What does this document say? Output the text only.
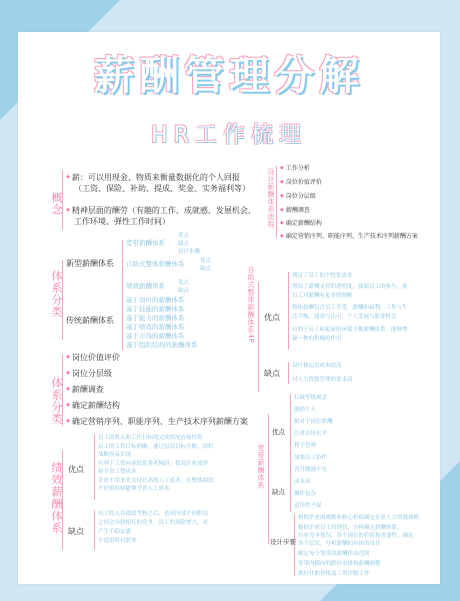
薪酬管理分解
HR工作梳理
概念
◆ 薪：可以用现金、物质来衡量数据化的个人回报
（工资、保险、补助、提成、奖金、实务福利等）
◆ 精神层面的酬劳（有趣的工作、成就感、发展机会、
工作环境、弹性工作时间）
体系分类
新型薪酬体系
宽带薪酬体系
优点
缺点
设计步骤
自助式整体薪酬体系	优点
缺点
绩效薪酬体系 优点
缺点
传统薪酬体系
基于岗位的薪酬体系
基于技能的薪酬体系
基于能力的薪酬体系
基于绩效的薪酬体系
基于市场的薪酬体系
基于组织结构的薪酬体系
体系分类
◆ 岗位价值评价
◆ 岗位分层级
◆ 薪酬调查
◆ 确定薪酬结构
◆ 确定营销序列、职能序列、生产技术序列薪酬方案
绩效薪酬体系 优点
员工的收入和工作目标的完成情况直接挂钩
员工的工作目标明确，通过层层目标分解，组织
战略容易实现
有利于工资向业绩优秀者倾斜，提高企业效率
和节省工资成本
企业不用事先支付过高的人工成本，在整体绩效
不好的时候能够节省人工成本
缺点
员工收入在绩效考核之后，造成内部不同职员
之间会导致相互的竞争，员工的风险增大，对
产生不稳定感
不适用所有职业
设计薪酬体系流程
◆	工作分析
◆ 岗位价值评价
◆ 岗位分层级
◆ 薪酬调查
◆ 确定薪酬结构
◆ 确定营销序列、职能序列、生产技术序列薪酬方案
自助式整体薪酬体系4P 优点
满足了员工的个性化需求
增加了薪酬支付的透明度，强调员工的参与，使
员工对薪酬有更多的理解
整体薪酬包含员工享受，薪酬和福利，工作与生
活平衡，绩效与认可，个人发展与职业机会
有利于员工和更新的环境平衡薪酬体系，能够增
强一种的积极的作用
缺点
设计和运用成本较高
对人力资源管理的要求高
宽带薪酬体系
优点
打破等级观念
激励个人
相对于岗位薪酬
注重市场水平
利于管理
加强员工协作
缺点
晋升激励不足
成本高
操作复杂
适用性不强
设计步骤
根据企业的战略和核心价值确定企业人力资源战略
根据企业员工的现状，分析确定薪酬体系，
行业竞争情况，各个岗位的价值和重要性，确定
各个层次，分析薪酬的具体的设计
确定每个宽带的薪酬浮动范围
宽带内横向的职位安排和薪酬调整
做好任职资格及工资评级工作
